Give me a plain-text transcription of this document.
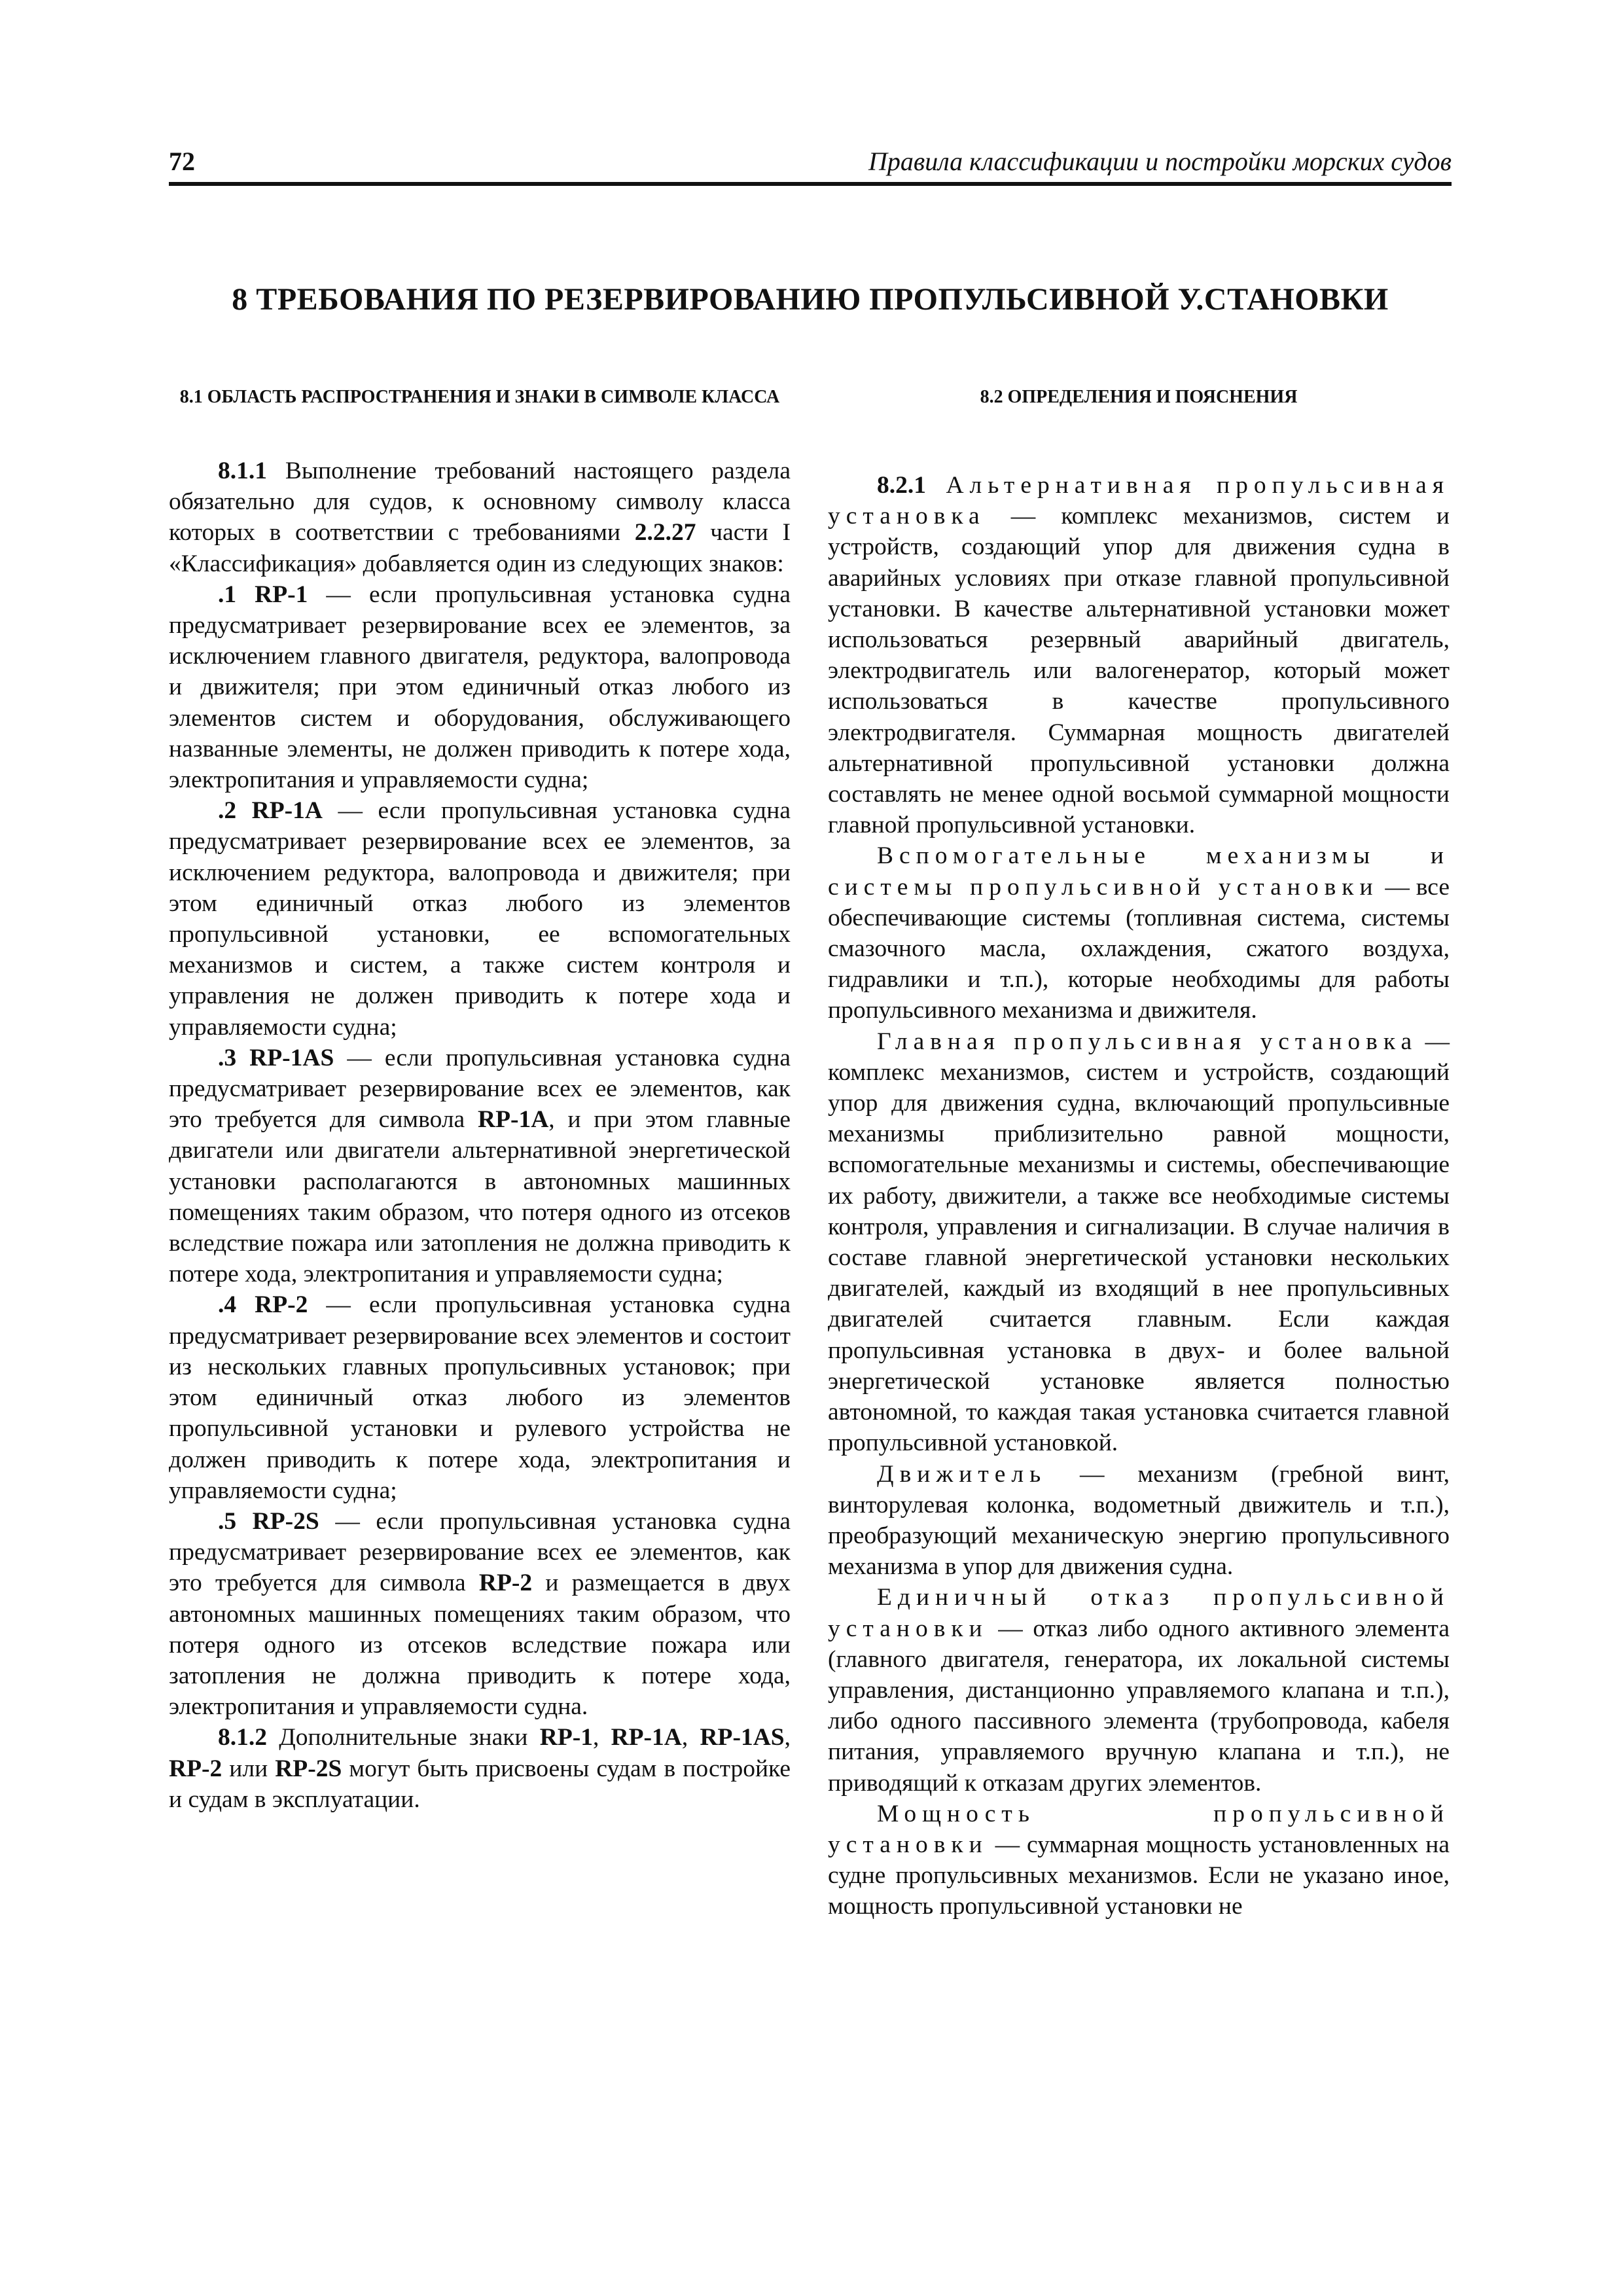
72	Правила классификации и постройки морских судов
8 ТРЕБОВАНИЯ ПО РЕЗЕРВИРОВАНИЮ ПРОПУЛЬСИВНОЙ У.СТАНОВКИ
8.1 ОБЛАСТЬ РАСПРОСТРАНЕНИЯ И ЗНАКИ В СИМВОЛЕ КЛАССА

8.1.1 Выполнение требований настоящего раздела обязательно для судов, к основному символу класса которых в соответствии с требованиями 2.2.27 части I «Классификация» добавляется один из следующих знаков:

.1 RP-1 — если пропульсивная установка судна предусматривает резервирование всех ее элементов, за исключением главного двигателя, редуктора, валопровода и движителя; при этом единичный отказ любого из элементов систем и оборудования, обслуживающего названные элементы, не должен приводить к потере хода, электропитания и управляемости судна;

.2 RP-1A — если пропульсивная установка судна предусматривает резервирование всех ее элементов, за исключением редуктора, валопровода и движителя; при этом единичный отказ любого из элементов пропульсивной установки, ее вспомогательных механизмов и систем, а также систем контроля и управления не должен приводить к потере хода и управляемости судна;

.3 RP-1AS — если пропульсивная установка судна предусматривает резервирование всех ее элементов, как это требуется для символа RP-1A, и при этом главные двигатели или двигатели альтернативной энергетической установки располагаются в автономных машинных помещениях таким образом, что потеря одного из отсеков вследствие пожара или затопления не должна приводить к потере хода, электропитания и управляемости судна;

.4 RP-2 — если пропульсивная установка судна предусматривает резервирование всех элементов и состоит из нескольких главных пропульсивных установок; при этом единичный отказ любого из элементов пропульсивной установки и рулевого устройства не должен приводить к потере хода, электропитания и управляемости судна;

.5 RP-2S — если пропульсивная установка судна предусматривает резервирование всех ее элементов, как это требуется для символа RP-2 и размещается в двух автономных машинных помещениях таким образом, что потеря одного из отсеков вследствие пожара или затопления не должна приводить к потере хода, электропитания и управляемости судна.

8.1.2 Дополнительные знаки RP-1, RP-1A, RP-1AS, RP-2 или RP-2S могут быть присвоены судам в постройке и судам в эксплуатации.

8.2 ОПРЕДЕЛЕНИЯ И ПОЯСНЕНИЯ

8.2.1 Альтернативная пропульсивная установка — комплекс механизмов, систем и устройств, создающий упор для движения судна в аварийных условиях при отказе главной пропульсивной установки. В качестве альтернативной установки может использоваться резервный аварийный двигатель, электродвигатель или валогенератор, который может использоваться в качестве пропульсивного электродвигателя. Суммарная мощность двигателей альтернативной пропульсивной установки должна составлять не менее одной восьмой суммарной мощности главной пропульсивной установки.

Вспомогательные механизмы и системы пропульсивной установки — все обеспечивающие системы (топливная система, системы смазочного масла, охлаждения, сжатого воздуха, гидравлики и т.п.), которые необходимы для работы пропульсивного механизма и движителя.

Главная пропульсивная установка — комплекс механизмов, систем и устройств, создающий упор для движения судна, включающий пропульсивные механизмы приблизительно равной мощности, вспомогательные механизмы и системы, обеспечивающие их работу, движители, а также все необходимые системы контроля, управления и сигнализации. В случае наличия в составе главной энергетической установки нескольких двигателей, каждый из входящий в нее пропульсивных двигателей считается главным. Если каждая пропульсивная установка в двух- и более вальной энергетической установке является полностью автономной, то каждая такая установка считается главной пропульсивной установкой.

Движитель — механизм (гребной винт, винторулевая колонка, водометный движитель и т.п.), преобразующий механическую энергию пропульсивного механизма в упор для движения судна.

Единичный отказ пропульсивной установки — отказ либо одного активного элемента (главного двигателя, генератора, их локальной системы управления, дистанционно управляемого клапана и т.п.), либо одного пассивного элемента (трубопровода, кабеля питания, управляемого вручную клапана и т.п.), не приводящий к отказам других элементов.

Мощность пропульсивной установки — суммарная мощность установленных на судне пропульсивных механизмов. Если не указано иное, мощность пропульсивной установки не
